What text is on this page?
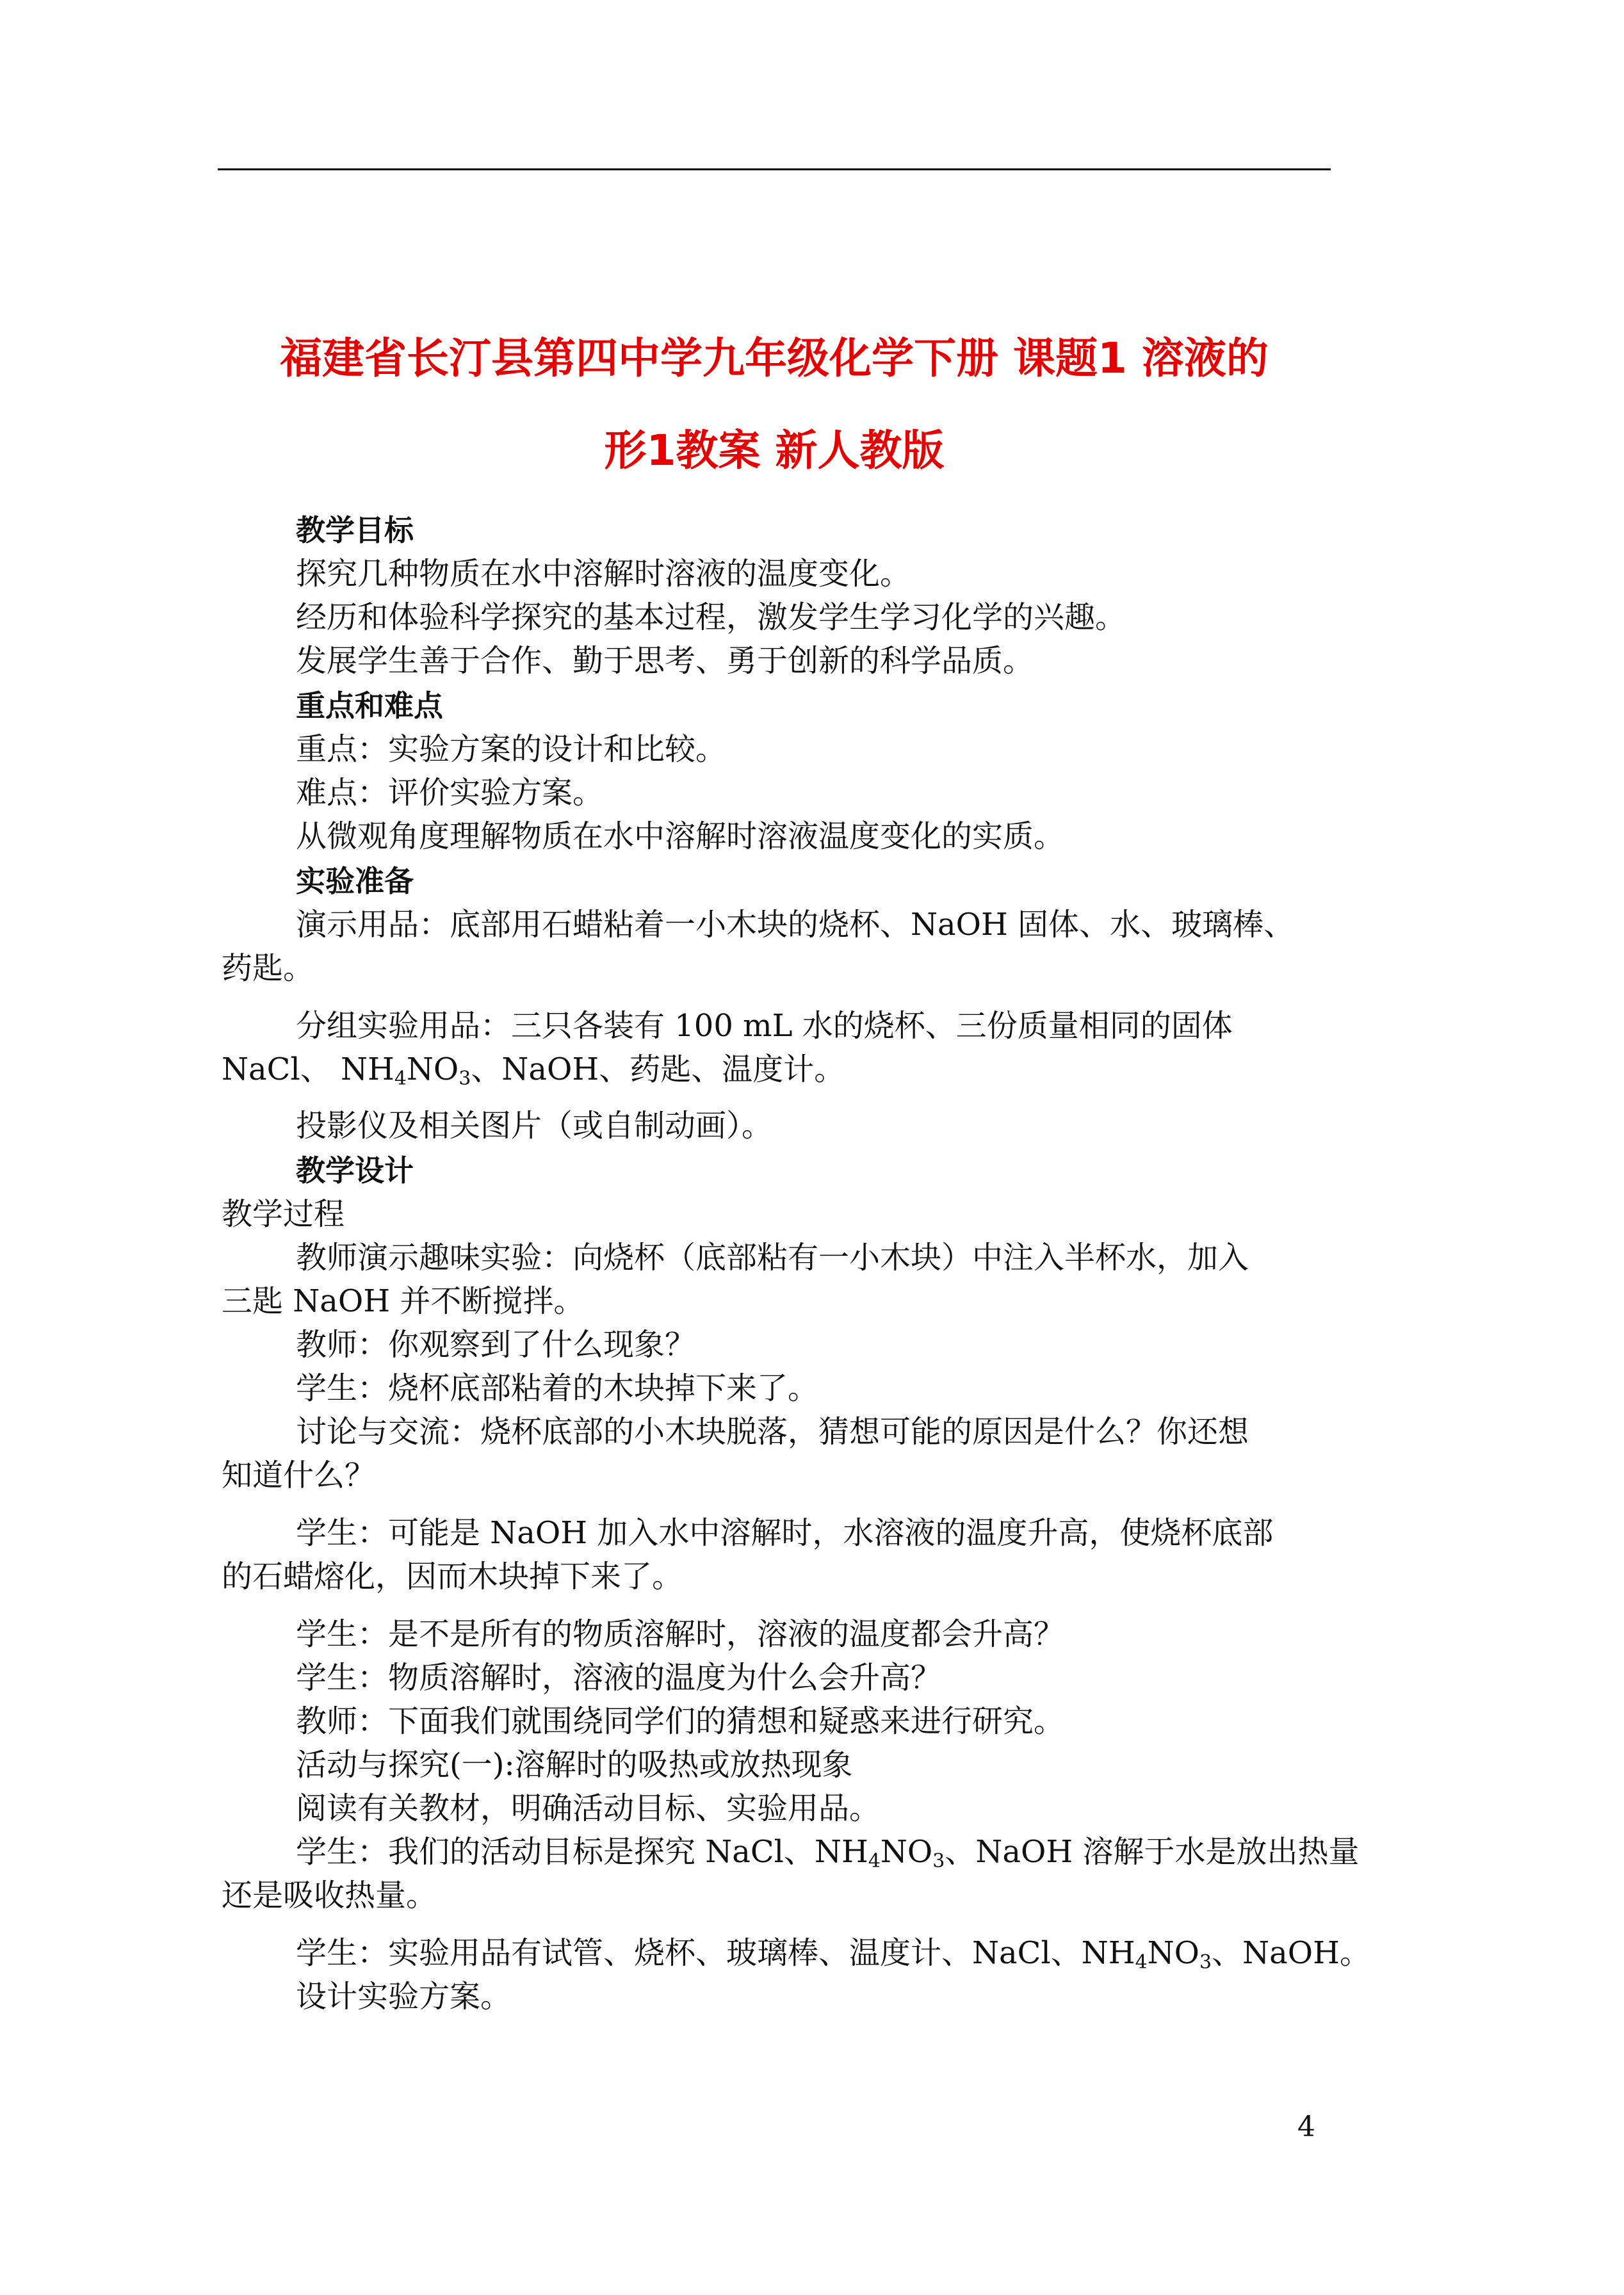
福建省长汀县第四中学九年级化学下册 课题1 溶液的
形1教案 新人教版

教学目标

探究几种物质在水中溶解时溶液的温度变化。

经历和体验科学探究的基本过程，激发学生学习化学的兴趣。

发展学生善于合作、勤于思考、勇于创新的科学品质。

重点和难点

重点：实验方案的设计和比较。

难点：评价实验方案。

从微观角度理解物质在水中溶解时溶液温度变化的实质。

实验准备

演示用品：底部用石蜡粘着一小木块的烧杯、NaOH 固体、水、玻璃棒、

药匙。

分组实验用品：三只各装有 100 mL 水的烧杯、三份质量相同的固体

NaCl、 $NH_4NO_3$、NaOH、药匙、温度计。

投影仪及相关图片（或自制动画）。

教学设计

教学过程

教师演示趣味实验：向烧杯（底部粘有一小木块）中注入半杯水，加入

三匙 NaOH 并不断搅拌。

教师：你观察到了什么现象？

学生：烧杯底部粘着的木块掉下来了。

讨论与交流：烧杯底部的小木块脱落，猜想可能的原因是什么？你还想

知道什么？

学生：可能是 NaOH 加入水中溶解时，水溶液的温度升高，使烧杯底部

的石蜡熔化，因而木块掉下来了。

学生：是不是所有的物质溶解时，溶液的温度都会升高？

学生：物质溶解时，溶液的温度为什么会升高？

教师：下面我们就围绕同学们的猜想和疑惑来进行研究。

活动与探究(一):溶解时的吸热或放热现象

阅读有关教材，明确活动目标、实验用品。

学生：我们的活动目标是探究 NaCl、$NH_4NO_3$、NaOH 溶解于水是放出热量

还是吸收热量。

学生：实验用品有试管、烧杯、玻璃棒、温度计、NaCl、$NH_4NO_3$、NaOH。

设计实验方案。

4
